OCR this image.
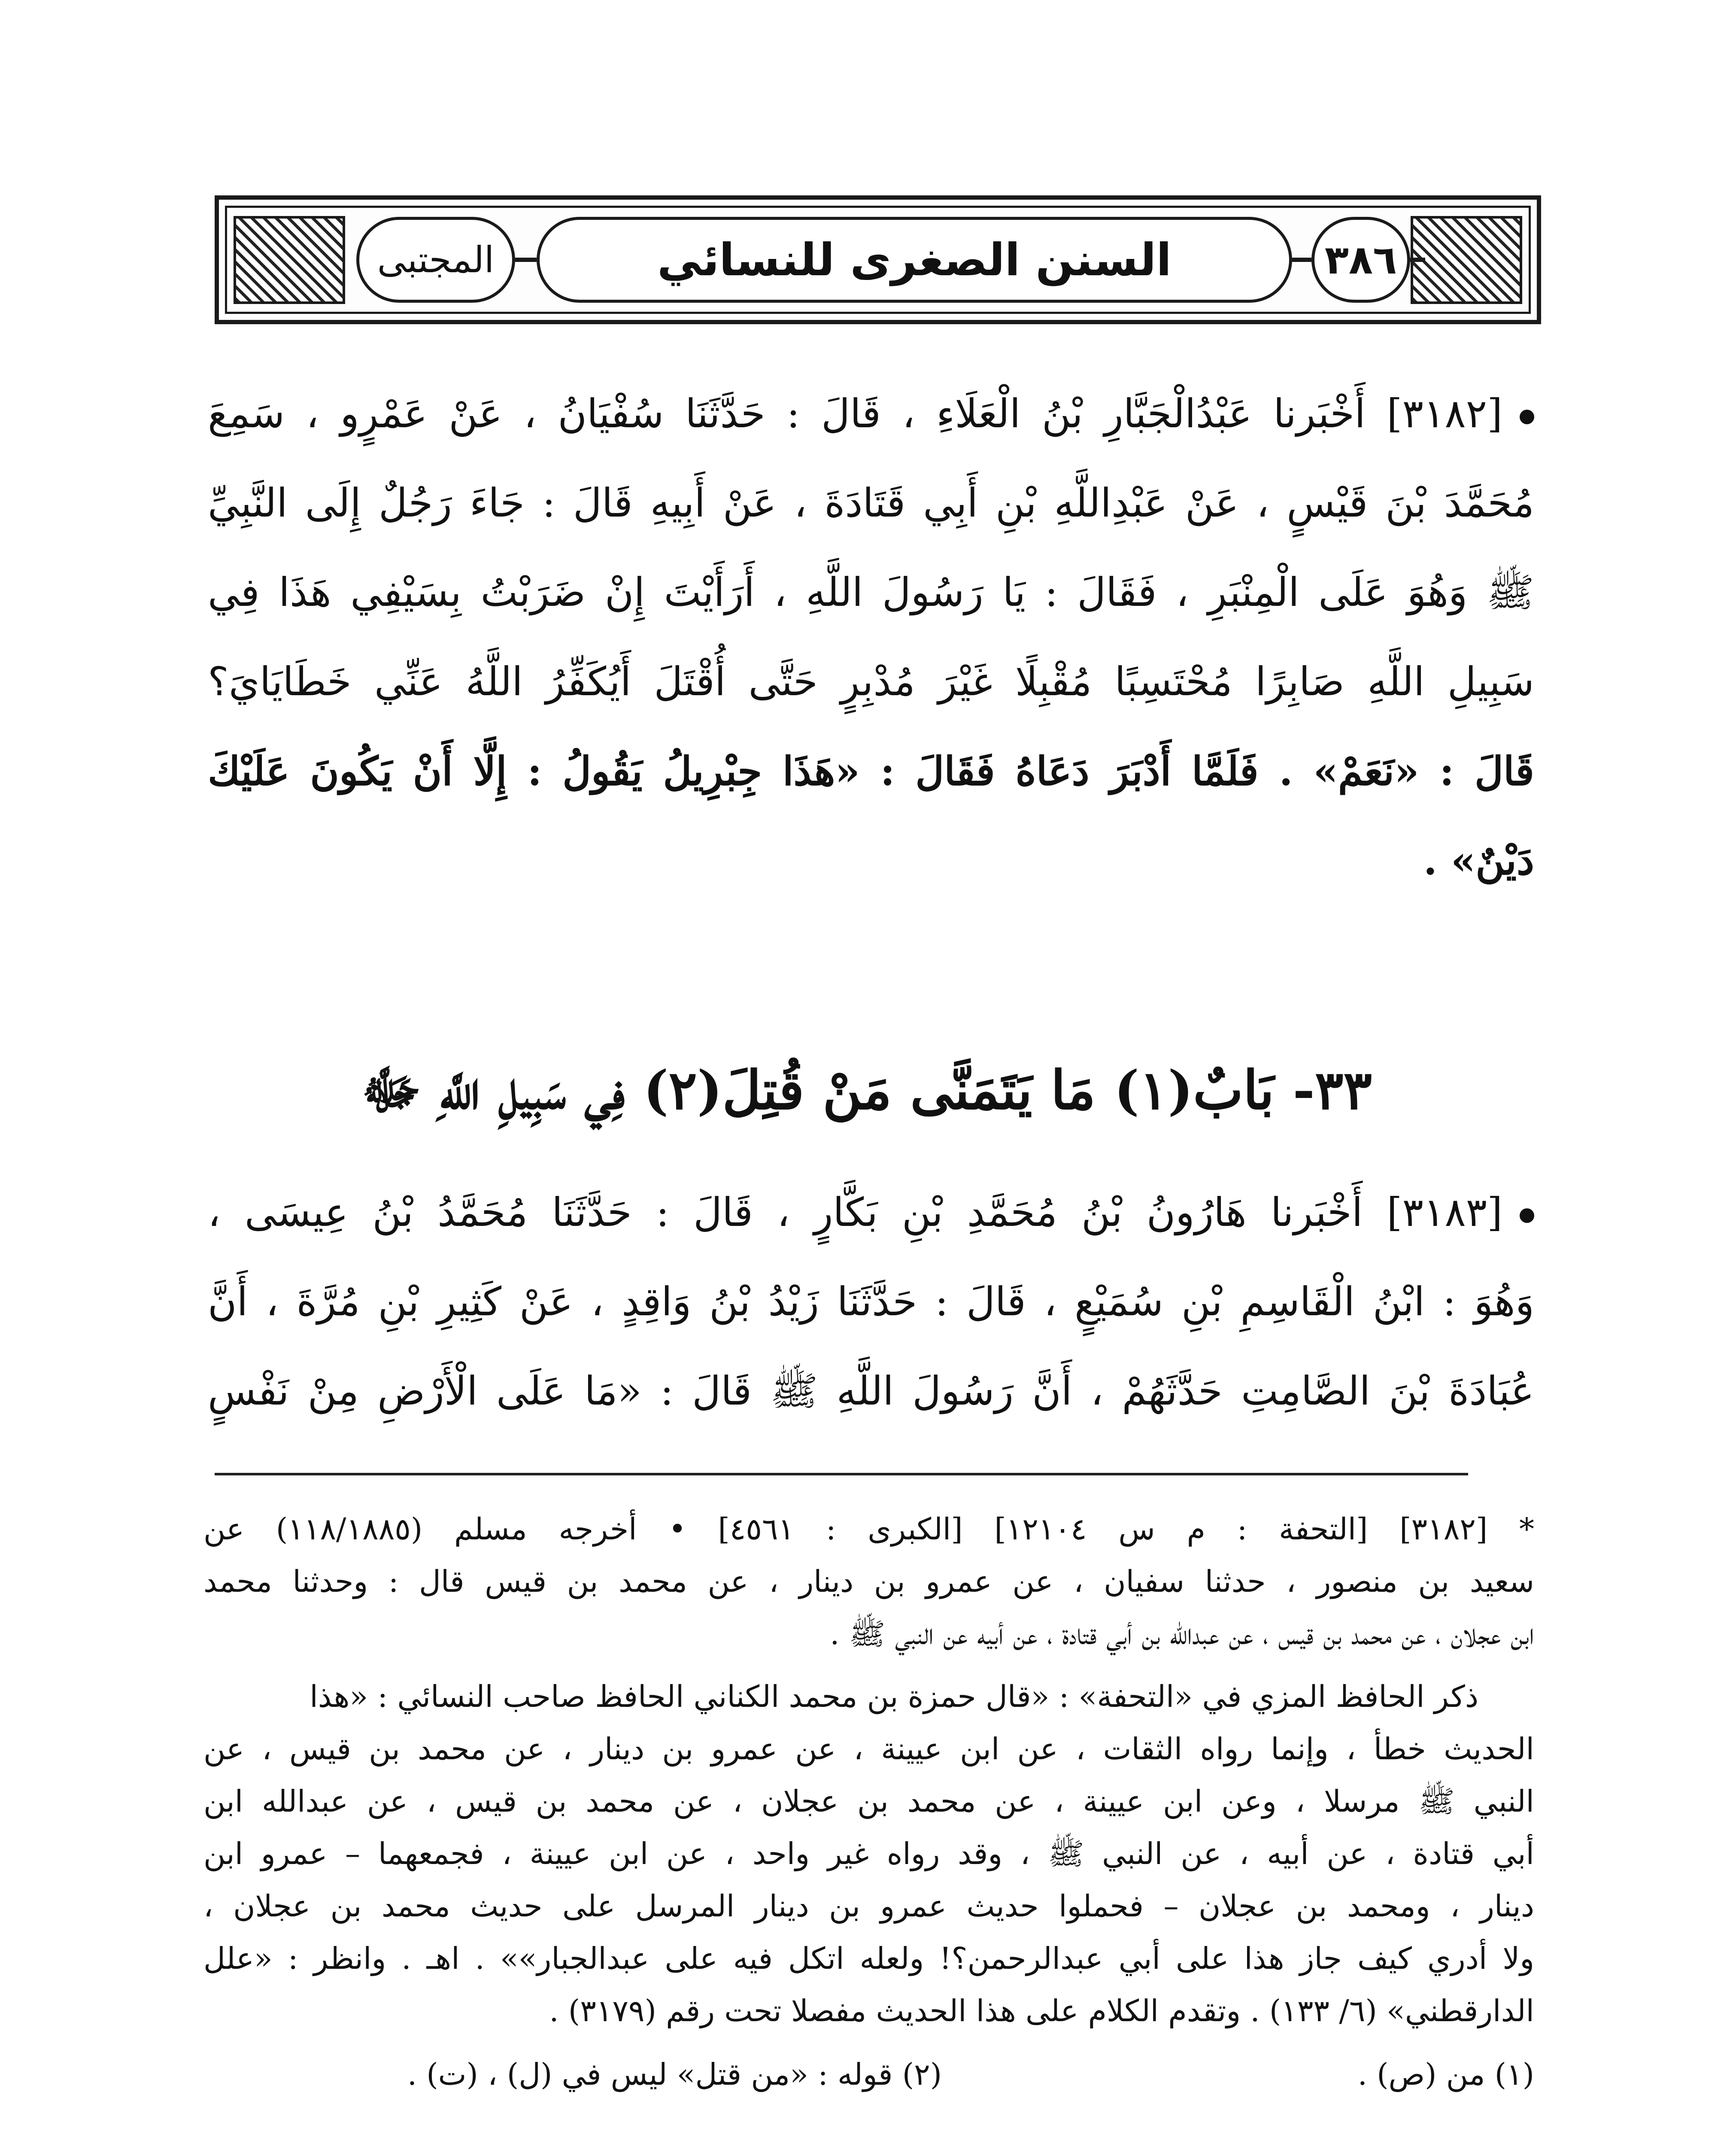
المجتبى	السنن الصغرى للنسائي	٣٨٦
[٣١٨٢] أَخْبَرنا عَبْدُالْجَبَّارِ بْنُ الْعَلَاءِ ، قَالَ : حَدَّثَنَا سُفْيَانُ ، عَنْ عَمْرٍو ، سَمِعَ
مُحَمَّدَ بْنَ قَيْسٍ ، عَنْ عَبْدِاللَّهِ بْنِ أَبِي قَتَادَةَ ، عَنْ أَبِيهِ قَالَ : جَاءَ رَجُلٌ إِلَى النَّبِيِّ
ﷺ وَهُوَ عَلَى الْمِنْبَرِ ، فَقَالَ : يَا رَسُولَ اللَّهِ ، أَرَأَيْتَ إِنْ ضَرَبْتُ بِسَيْفِي هَذَا فِي
سَبِيلِ اللَّهِ صَابِرًا مُحْتَسِبًا مُقْبِلًا غَيْرَ مُدْبِرٍ حَتَّى أُقْتَلَ أَيُكَفِّرُ اللَّهُ عَنِّي خَطَايَايَ؟
قَالَ : «نَعَمْ» . فَلَمَّا أَدْبَرَ دَعَاهُ فَقَالَ : «هَذَا جِبْرِيلُ يَقُولُ : إِلَّا أَنْ يَكُونَ عَلَيْكَ
دَيْنٌ» .
٣٣- بَابٌ(١) مَا يَتَمَنَّى مَنْ قُتِلَ(٢) فِي سَبِيلِ اللَّهِ ﷻ
[٣١٨٣] أَخْبَرنا هَارُونُ بْنُ مُحَمَّدِ بْنِ بَكَّارٍ ، قَالَ : حَدَّثَنَا مُحَمَّدُ بْنُ عِيسَى ،
وَهُوَ : ابْنُ الْقَاسِمِ بْنِ سُمَيْعٍ ، قَالَ : حَدَّثَنَا زَيْدُ بْنُ وَاقِدٍ ، عَنْ كَثِيرِ بْنِ مُرَّةَ ، أَنَّ
عُبَادَةَ بْنَ الصَّامِتِ حَدَّثَهُمْ ، أَنَّ رَسُولَ اللَّهِ ﷺ قَالَ : «مَا عَلَى الْأَرْضِ مِنْ نَفْسٍ
* [٣١٨٢] [التحفة : م س ١٢١٠٤] [الكبرى : ٤٥٦١] • أخرجه مسلم (١١٨/١٨٨٥) عن
سعيد بن منصور ، حدثنا سفيان ، عن عمرو بن دينار ، عن محمد بن قيس قال : وحدثنا محمد
ابن عجلان ، عن محمد بن قيس ، عن عبدالله بن أبي قتادة ، عن أبيه عن النبي ﷺ .
ذكر الحافظ المزي في «التحفة» : «قال حمزة بن محمد الكناني الحافظ صاحب النسائي : «هذا
الحديث خطأ ، وإنما رواه الثقات ، عن ابن عيينة ، عن عمرو بن دينار ، عن محمد بن قيس ، عن
النبي ﷺ مرسلا ، وعن ابن عيينة ، عن محمد بن عجلان ، عن محمد بن قيس ، عن عبدالله ابن
أبي قتادة ، عن أبيه ، عن النبي ﷺ ، وقد رواه غير واحد ، عن ابن عيينة ، فجمعهما – عمرو ابن
دينار ، ومحمد بن عجلان – فحملوا حديث عمرو بن دينار المرسل على حديث محمد بن عجلان ،
ولا أدري كيف جاز هذا على أبي عبدالرحمن؟! ولعله اتكل فيه على عبدالجبار»» . اهـ . وانظر : «علل
الدارقطني» (٦/ ١٣٣) . وتقدم الكلام على هذا الحديث مفصلا تحت رقم (٣١٧٩) .
(١) من (ص) .
(٢) قوله : «من قتل» ليس في (ل) ، (ت) .
